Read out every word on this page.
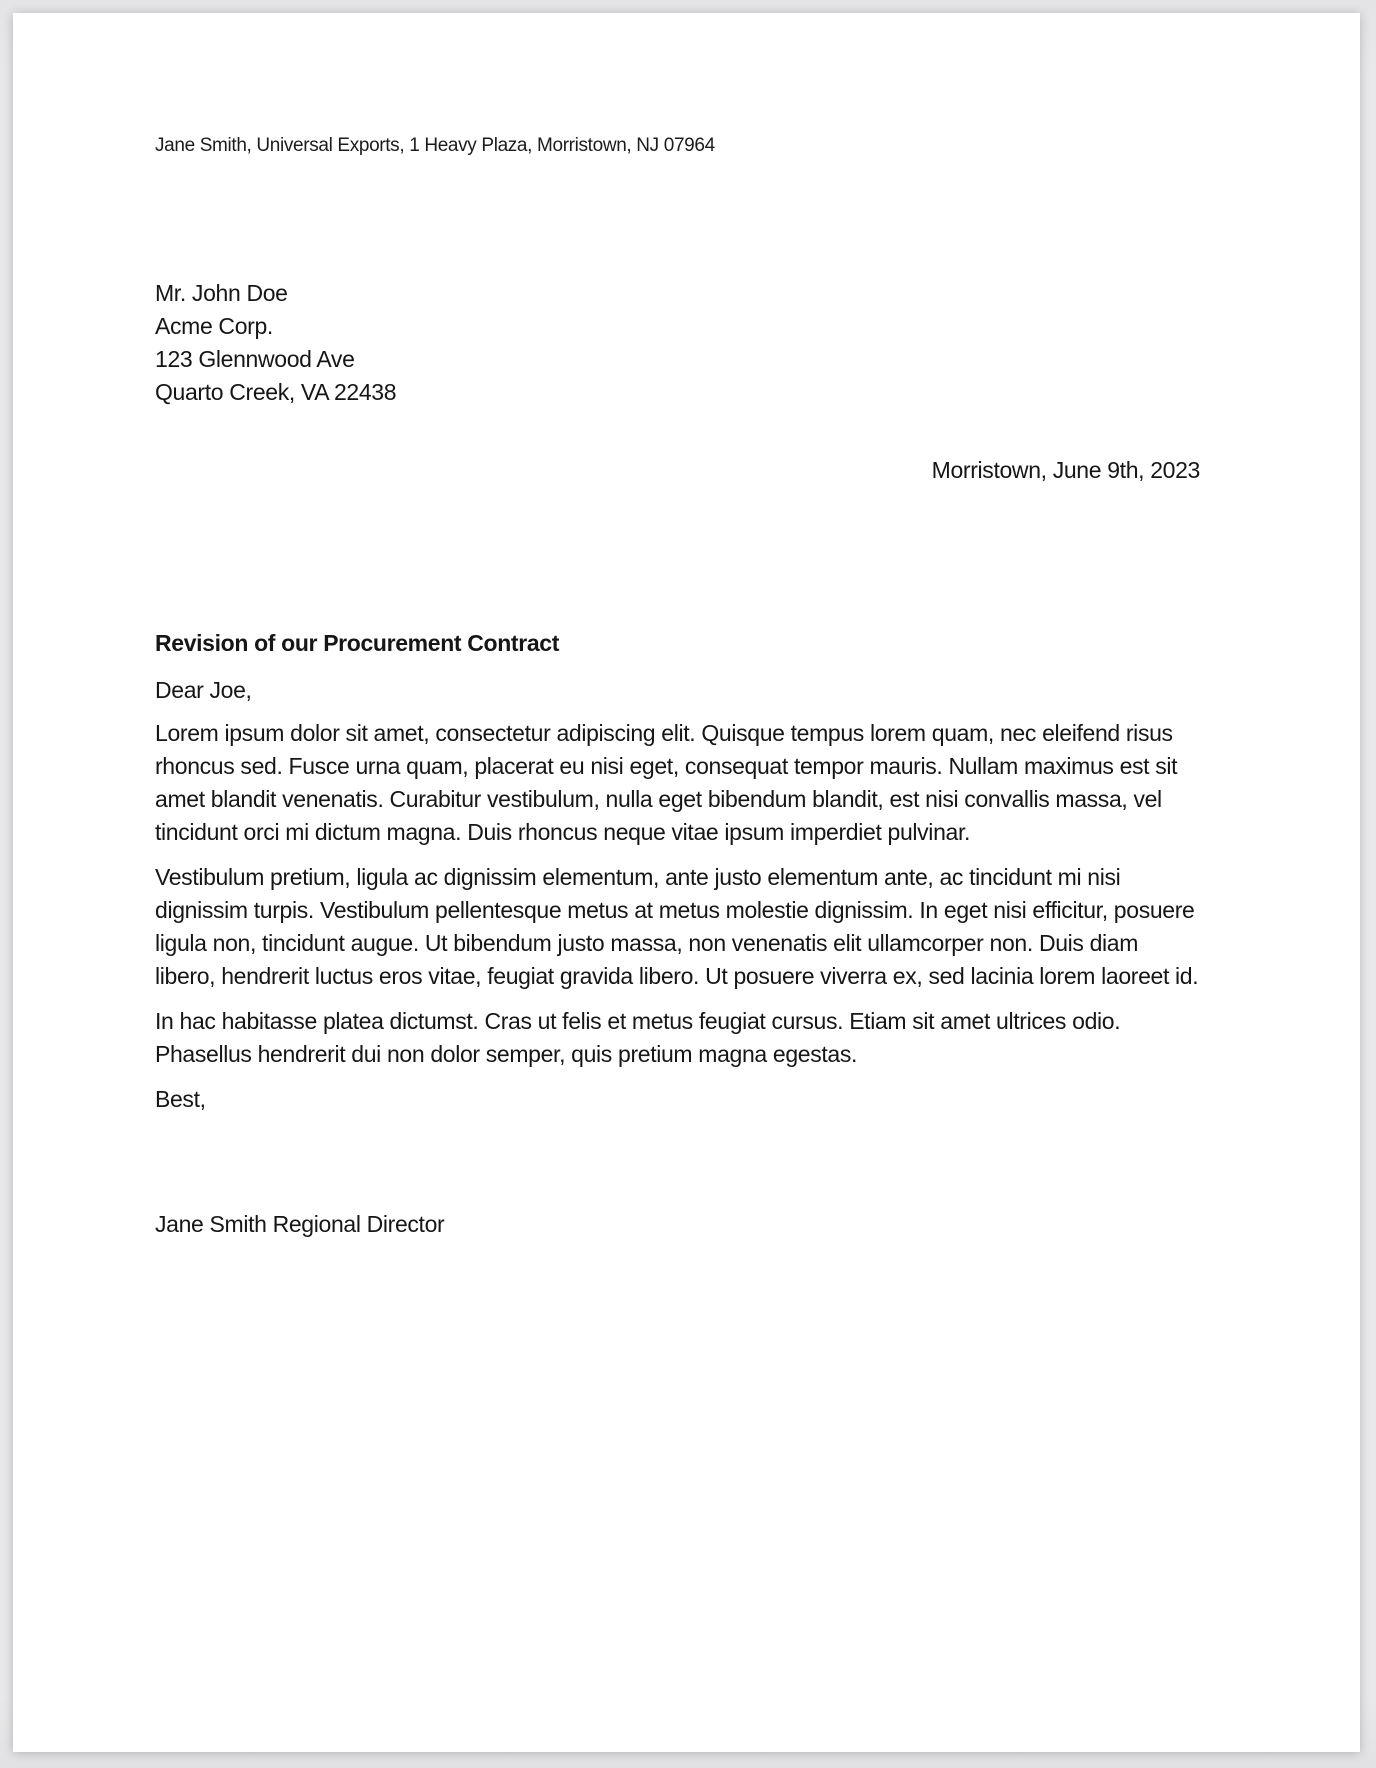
Jane Smith, Universal Exports, 1 Heavy Plaza, Morristown, NJ 07964
Mr. John Doe
Acme Corp.
123 Glennwood Ave
Quarto Creek, VA 22438
Morristown, June 9th, 2023
Revision of our Procurement Contract

Dear Joe,

Lorem ipsum dolor sit amet, consectetur adipiscing elit. Quisque tempus lorem quam, nec eleifend risus rhoncus sed. Fusce urna quam, placerat eu nisi eget, consequat tempor mauris. Nullam maximus est sit amet blandit venenatis. Curabitur vestibulum, nulla eget bibendum blandit, est nisi convallis massa, vel tincidunt orci mi dictum magna. Duis rhoncus neque vitae ipsum imperdiet pulvinar.

Vestibulum pretium, ligula ac dignissim elementum, ante justo elementum ante, ac tincidunt mi nisi dignissim turpis. Vestibulum pellentesque metus at metus molestie dignissim. In eget nisi efficitur, posuere ligula non, tincidunt augue. Ut bibendum justo massa, non venenatis elit ullamcorper non. Duis diam libero, hendrerit luctus eros vitae, feugiat gravida libero. Ut posuere viverra ex, sed lacinia lorem laoreet id.

In hac habitasse platea dictumst. Cras ut felis et metus feugiat cursus. Etiam sit amet ultrices odio. Phasellus hendrerit dui non dolor semper, quis pretium magna egestas.

Best,

Jane Smith Regional Director
